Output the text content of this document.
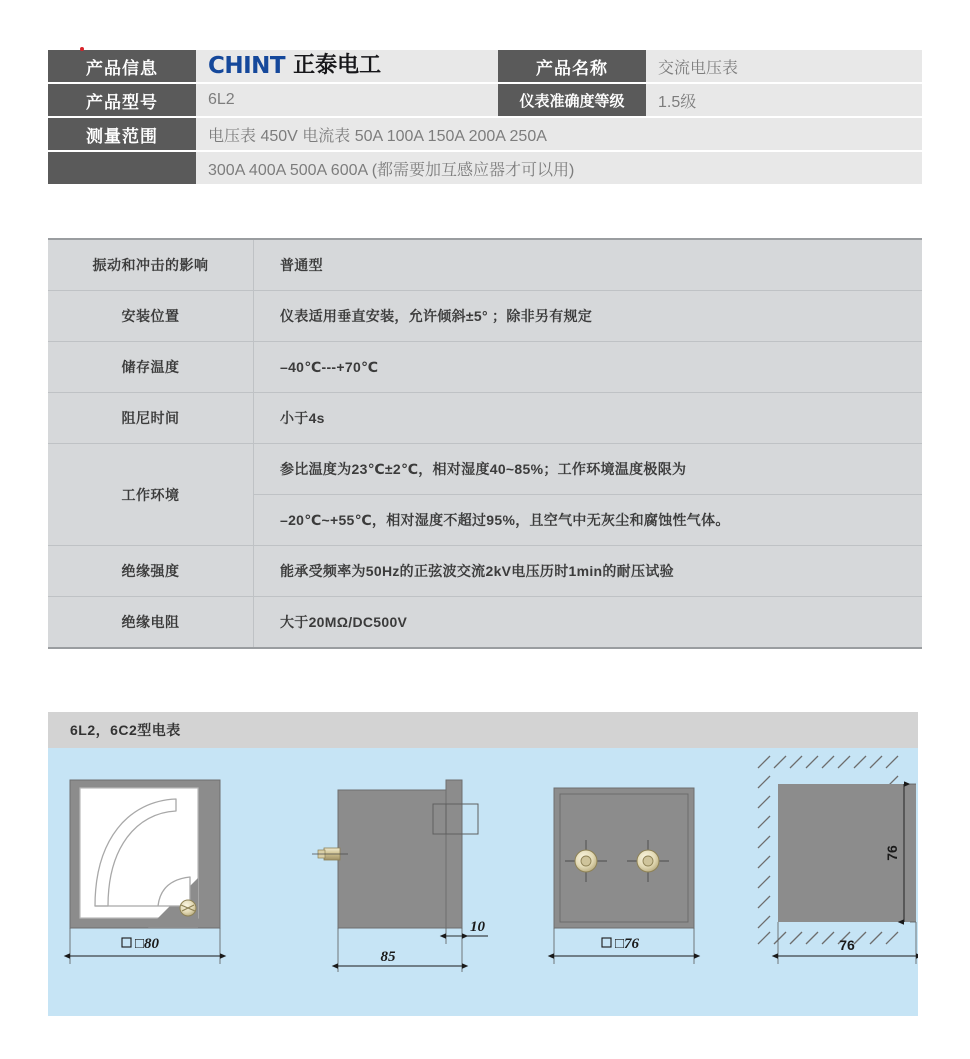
产品信息	CHINT 正泰电工	产品名称	交流电压表
产品型号	6L2	仪表准确度等级	1.5级
测量范围	电压表 450V 电流表 50A 100A 150A 200A 250A		
	300A 400A 500A 600A (都需要加互感应器才可以用)		
振动和冲击的影响	普通型
安装位置	仪表适用垂直安装，允许倾斜±5° ；除非另有规定
储存温度	–40℃---+70℃
阻尼时间	小于4s
工作环境	参比温度为23℃±2℃，相对湿度40~85%；工作环境温度极限为
	–20℃~+55℃，相对湿度不超过95%，且空气中无灰尘和腐蚀性气体。
绝缘强度	能承受频率为50Hz的正弦波交流2kV电压历时1min的耐压试验
绝缘电阻	大于20MΩ/DC500V
6L2，6C2型电表
□80
10
85
□76	76
76
